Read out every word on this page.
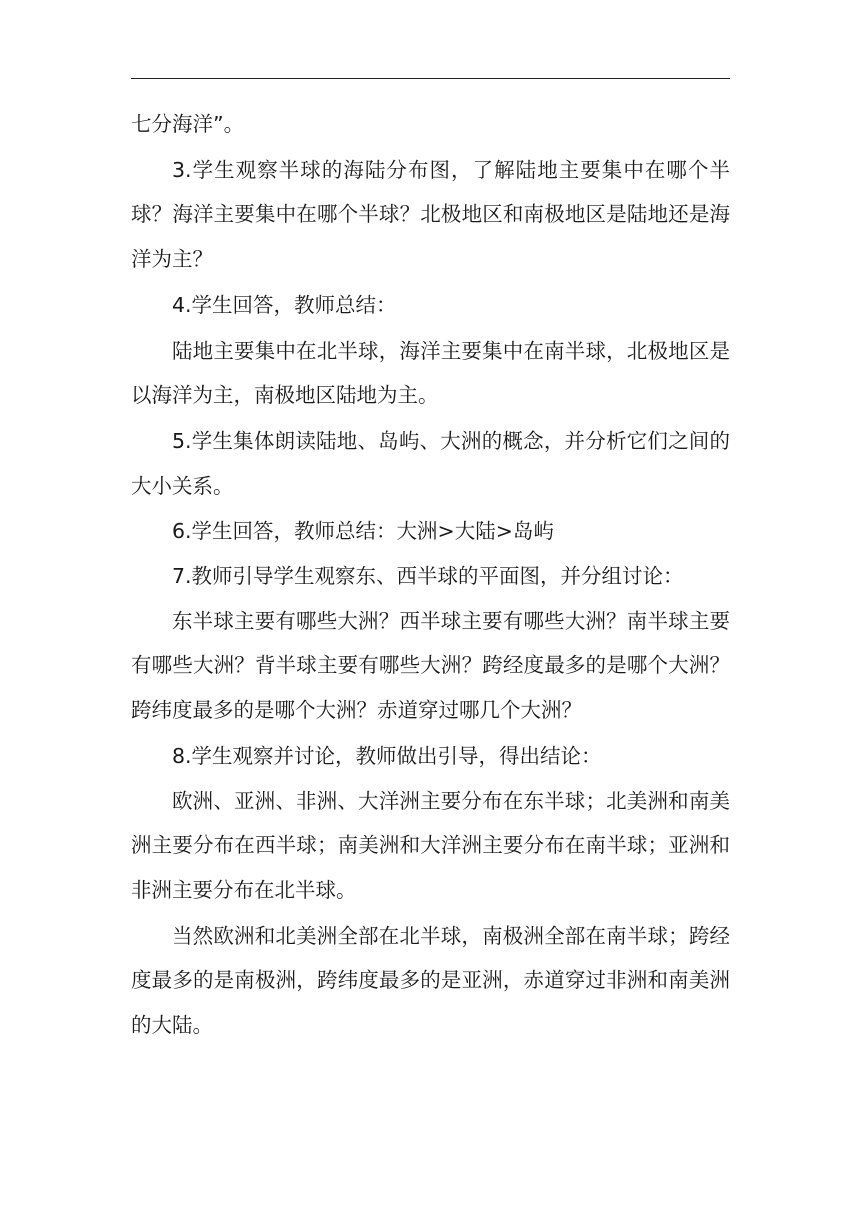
七分海洋”。

3.学生观察半球的海陆分布图，了解陆地主要集中在哪个半球？海洋主要集中在哪个半球？北极地区和南极地区是陆地还是海洋为主？

4.学生回答，教师总结：

陆地主要集中在北半球，海洋主要集中在南半球，北极地区是以海洋为主，南极地区陆地为主。

5.学生集体朗读陆地、岛屿、大洲的概念，并分析它们之间的大小关系。

6.学生回答，教师总结：大洲>大陆>岛屿

7.教师引导学生观察东、西半球的平面图，并分组讨论：

东半球主要有哪些大洲？西半球主要有哪些大洲？南半球主要有哪些大洲？背半球主要有哪些大洲？跨经度最多的是哪个大洲？跨纬度最多的是哪个大洲？赤道穿过哪几个大洲？

8.学生观察并讨论，教师做出引导，得出结论：

欧洲、亚洲、非洲、大洋洲主要分布在东半球；北美洲和南美洲主要分布在西半球；南美洲和大洋洲主要分布在南半球；亚洲和非洲主要分布在北半球。

当然欧洲和北美洲全部在北半球，南极洲全部在南半球；跨经度最多的是南极洲，跨纬度最多的是亚洲，赤道穿过非洲和南美洲的大陆。
